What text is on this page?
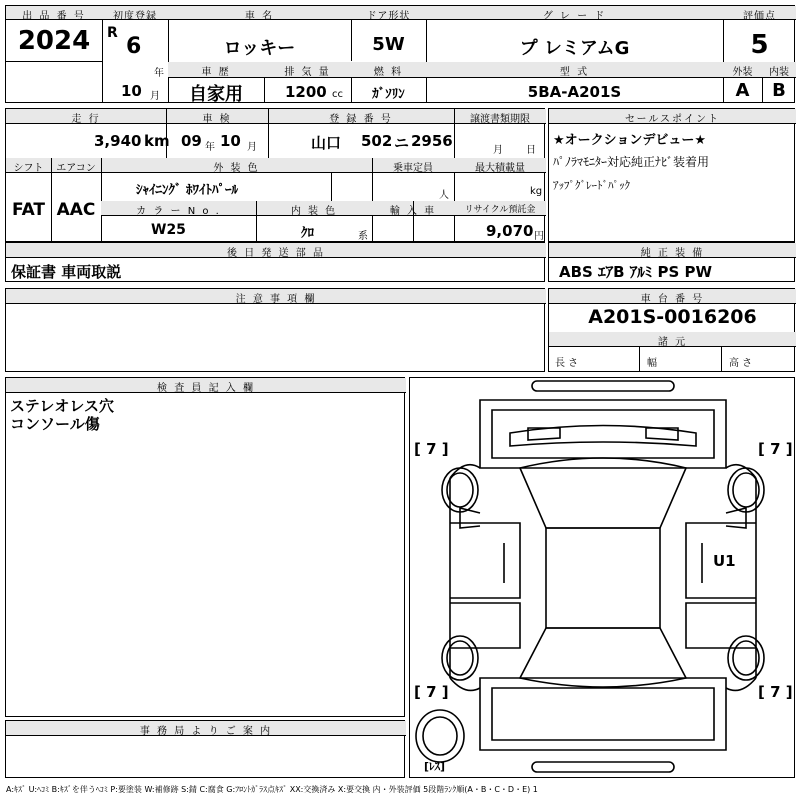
出 品 番 号
2024
初度登録
R
6
年
10 月
車 名
ロッキー
ドア形状
5W
グ レ ー ド
プ レミアムG
評価点
5
車 歴	排 気 量	燃 料	型 式	外装	内装
自家用	1200 cc	ｶﾞｿﾘﾝ	5BA-A201S	A	B
走 行
3,940 km
車 検
09 年 10 月
登 録 番 号
山口 502 ニ 2956
譲渡書類期限
月 日
シフト
FAT
エアコン
AAC
外 装 色
ｼｬｲﾆﾝｸﾞ ﾎﾜｲﾄﾊﾟｰﾙ
乗車定員
人
最大積載量
kg
カ ラ ー N o .
W25
内 装 色
ｸﾛ	系
輸 入 車	リサイクル預託金
9,070 円
セールスポイント
★オークションデビュー★
ﾊﾟﾉﾗﾏﾓﾆﾀｰ対応純正ﾅﾋﾞ装着用
ｱｯﾌﾟｸﾞﾚｰﾄﾞﾊﾟｯｸ
後 日 発 送 部 品
保証書 車両取説
純 正 装 備
ABS ｴｱB ｱﾙﾐ PS PW
注 意 事 項 欄	車 台 番 号
A201S-0016206
諸 元
長 さ	幅	高 さ
検 査 員 記 入 欄
ステレオレス穴
コンソール傷
事 務 局 よ り ご 案 内
[ 7 ]	[ 7 ]
[ 7 ]	[ 7 ]
[ﾚｽ]
U1
A:ｷｽﾞ U:ﾍｺﾐ B:ｷｽﾞを伴うﾍｺﾐ P:要塗装 W:補修跡 S:錆 C:腐食 G:ﾌﾛﾝﾄｶﾞﾗｽ点ｷｽﾞ XX:交換済み X:要交換 内・外装評価 5段階ﾗﾝｸ順(A・B・C・D・E) 1
